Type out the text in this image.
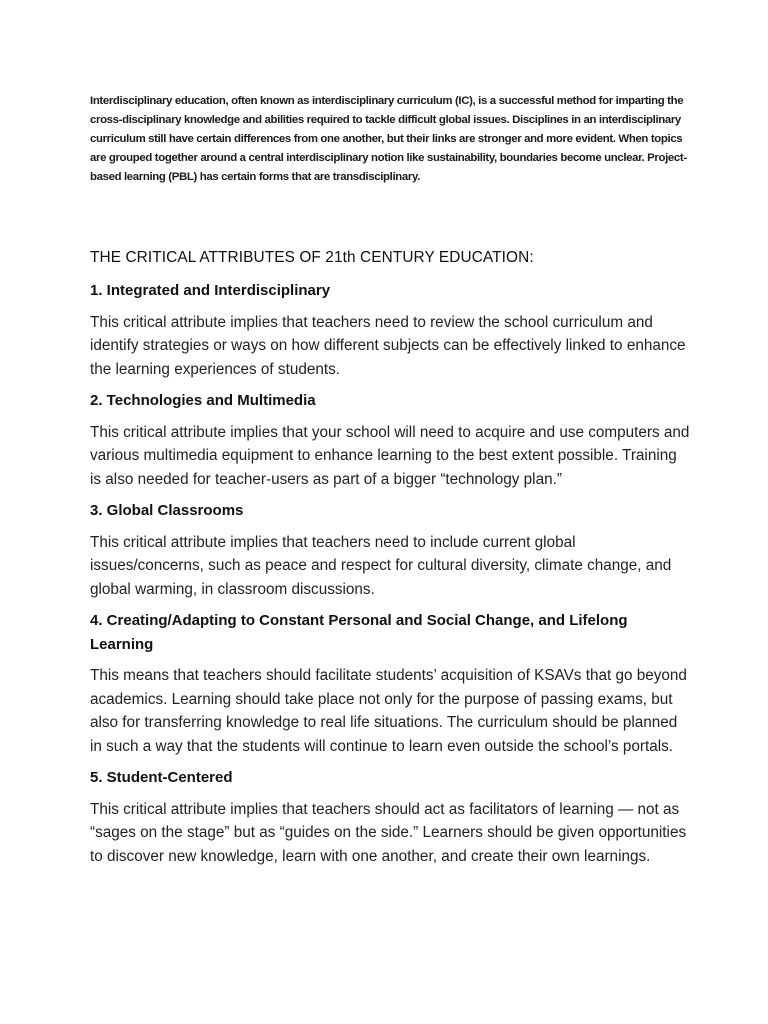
Interdisciplinary education, often known as interdisciplinary curriculum (IC), is a successful method for imparting the cross-disciplinary knowledge and abilities required to tackle difficult global issues. Disciplines in an interdisciplinary curriculum still have certain differences from one another, but their links are stronger and more evident. When topics are grouped together around a central interdisciplinary notion like sustainability, boundaries become unclear. Project-based learning (PBL) has certain forms that are transdisciplinary.

THE CRITICAL ATTRIBUTES OF 21th CENTURY EDUCATION:
1. Integrated and Interdisciplinary

This critical attribute implies that teachers need to review the school curriculum and identify strategies or ways on how different subjects can be effectively linked to enhance the learning experiences of students.

2. Technologies and Multimedia

This critical attribute implies that your school will need to acquire and use computers and various multimedia equipment to enhance learning to the best extent possible. Training is also needed for teacher-users as part of a bigger “technology plan.”

3. Global Classrooms

This critical attribute implies that teachers need to include current global issues/concerns, such as peace and respect for cultural diversity, climate change, and global warming, in classroom discussions.

4. Creating/Adapting to Constant Personal and Social Change, and Lifelong Learning

This means that teachers should facilitate students’ acquisition of KSAVs that go beyond academics. Learning should take place not only for the purpose of passing exams, but also for transferring knowledge to real life situations. The curriculum should be planned in such a way that the students will continue to learn even outside the school’s portals.

5. Student-Centered

This critical attribute implies that teachers should act as facilitators of learning — not as “sages on the stage” but as “guides on the side.” Learners should be given opportunities to discover new knowledge, learn with one another, and create their own learnings.
